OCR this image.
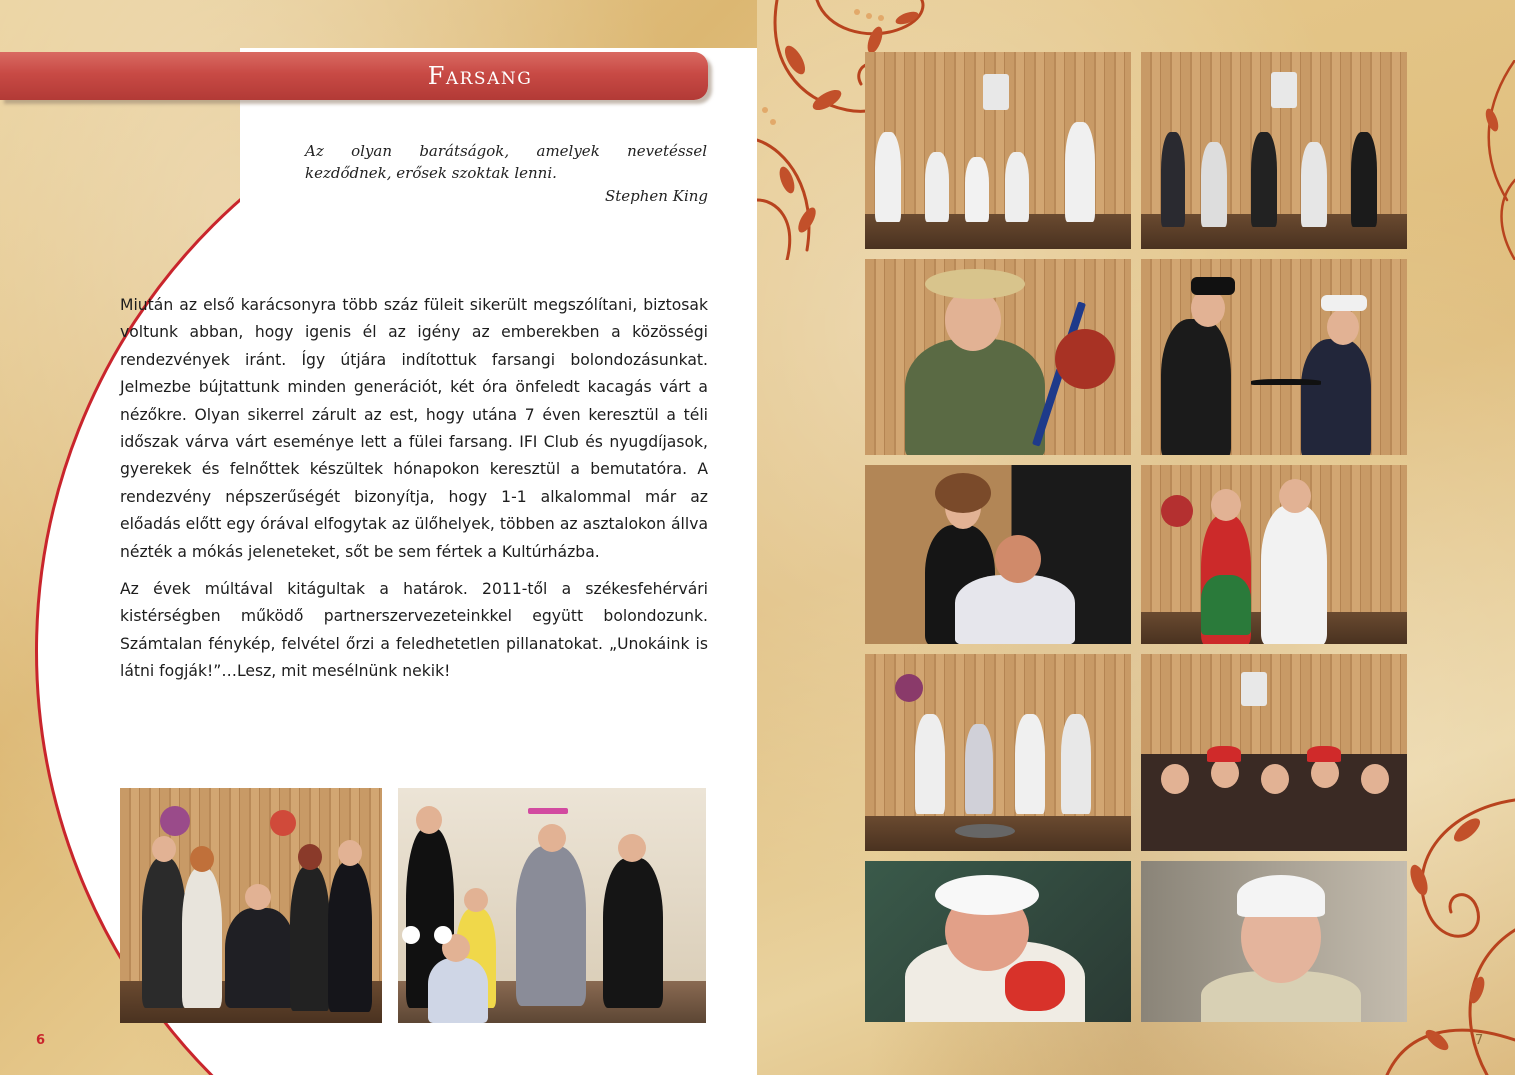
Farsang
Az olyan barátságok, amelyek nevetéssel kezdődnek, erősek szoktak lenni.
Stephen King

Miután az első karácsonyra több száz füleit sikerült megszólítani, biztosak voltunk abban, hogy igenis él az igény az emberekben a közösségi rendezvények iránt. Így útjára indítottuk farsangi bolondozásunkat. Jelmezbe bújtattunk minden generációt, két óra önfeledt kacagás várt a nézőkre. Olyan sikerrel zárult az est, hogy utána 7 éven keresztül a téli időszak várva várt eseménye lett a fülei farsang. IFI Club és nyugdíjasok, gyerekek és felnőttek készültek hónapokon keresztül a bemutatóra. A rendezvény népszerűségét bizonyítja, hogy 1-1 alkalommal már az előadás előtt egy órával elfogytak az ülőhelyek, többen az asztalokon állva nézték a mókás jeleneteket, sőt be sem fértek a Kultúrházba.

Az évek múltával kitágultak a határok. 2011-től a székesfehérvári kistérségben működő partnerszervezeteinkkel együtt bolondozunk. Számtalan fénykép, felvétel őrzi a feledhetetlen pillanatokat. „Unokáink is látni fogják!”…Lesz, mit mesélnünk nekik!

6	7
